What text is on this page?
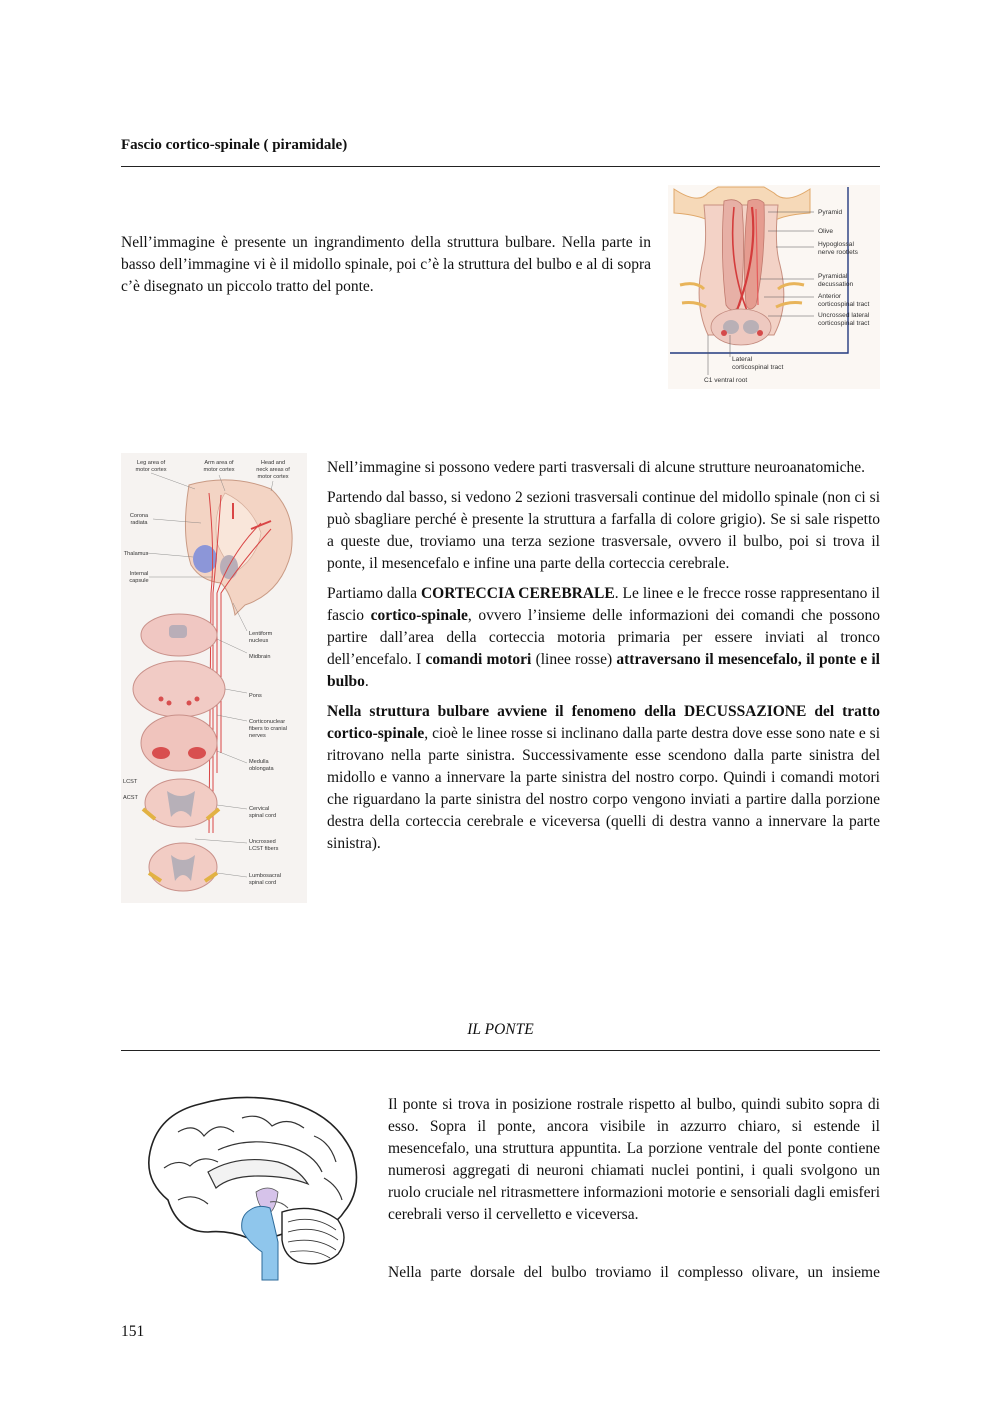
Fascio cortico-spinale ( piramidale)

Nell’immagine è presente un ingrandimento della struttura bulbare. Nella parte in basso dell’immagine vi è il midollo spinale, poi c’è la struttura del bulbo e al di sopra c’è disegnato un piccolo tratto del ponte.

Pyramid
Olive
Hypoglossal
nerve rootlets
Pyramidal
decussation
Anterior
corticospinal tract
Uncrossed lateral
corticospinal tract
Lateral
corticospinal tract
C1 ventral root
Leg area of
motor cortex
Arm area of
motor cortex
Head and
neck areas of
motor cortex
Corona
radiata
Thalamus
Internal
capsule
LCST
ACST
Lentiform
nucleus
Midbrain
Pons
Corticonuclear
fibers to cranial
nerves
Medulla
oblongata
Cervical
spinal cord
Uncrossed
LCST fibers
Lumbosacral
spinal cord

Nell’immagine si possono vedere parti trasversali di alcune strutture neuroanatomiche.

Partendo dal basso, si vedono 2 sezioni trasversali continue del midollo spinale (non ci si può sbagliare perché è presente la struttura a farfalla di colore grigio). Se si sale rispetto a queste due, troviamo una terza sezione trasversale, ovvero il bulbo, poi si trova il ponte, il mesencefalo e infine una parte della corteccia cerebrale.

Partiamo dalla CORTECCIA CEREBRALE. Le linee e le frecce rosse rappresentano il fascio cortico-spinale, ovvero l’insieme delle informazioni dei comandi che possono partire dall’area della corteccia motoria primaria per essere inviati al tronco dell’encefalo. I comandi motori (linee rosse) attraversano il mesencefalo, il ponte e il bulbo.

Nella struttura bulbare avviene il fenomeno della DECUSSAZIONE del tratto cortico-spinale, cioè le linee rosse si inclinano dalla parte destra dove esse sono nate e si ritrovano nella parte sinistra. Successivamente esse scendono dalla parte sinistra del midollo e vanno a innervare la parte sinistra del nostro corpo. Quindi i comandi motori che riguardano la parte sinistra del nostro corpo vengono inviati a partire dalla porzione destra della corteccia cerebrale e viceversa (quelli di destra vanno a innervare la parte sinistra).

IL PONTE

Il ponte si trova in posizione rostrale rispetto al bulbo, quindi subito sopra di esso. Sopra il ponte, ancora visibile in azzurro chiaro, si estende il mesencefalo, una struttura appuntita. La porzione ventrale del ponte contiene numerosi aggregati di neuroni chiamati nuclei pontini, i quali svolgono un ruolo cruciale nel ritrasmettere informazioni motorie e sensoriali dagli emisferi cerebrali verso il cervelletto e viceversa.

Nella parte dorsale del bulbo troviamo il complesso olivare, un insieme

151
